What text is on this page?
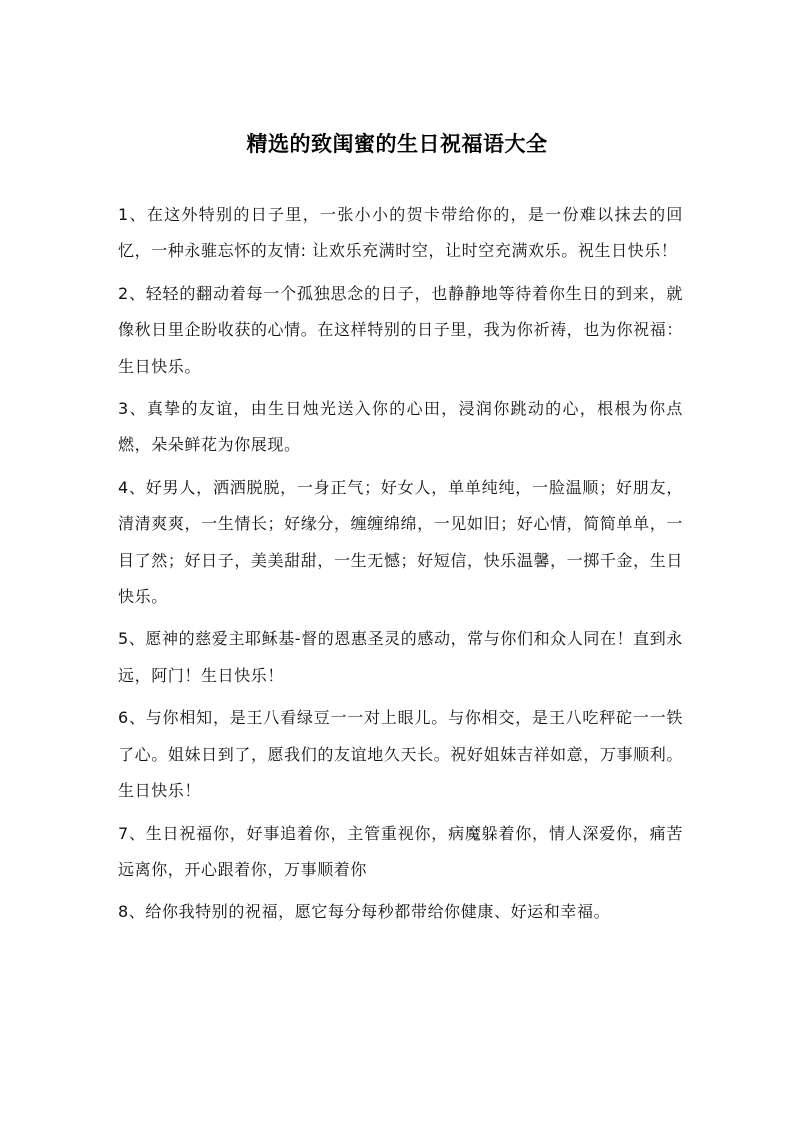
精选的致闺蜜的生日祝福语大全

1、在这外特别的日子里，一张小小的贺卡带给你的，是一份难以抹去的回忆，一种永骓忘怀的友情: 让欢乐充满时空，让时空充满欢乐。祝生日快乐！

2、轻轻的翻动着每一个孤独思念的日子，也静静地等待着你生日的到来，就像秋日里企盼收获的心情。在这样特别的日子里，我为你祈祷，也为你祝福：生日快乐。

3、真挚的友谊，由生日烛光送入你的心田，浸润你跳动的心，根根为你点燃，朵朵鲜花为你展现。

4、好男人，洒洒脱脱，一身正气；好女人，单单纯纯，一脸温顺；好朋友，清清爽爽，一生情长；好缘分，缠缠绵绵，一见如旧；好心情，简简单单，一目了然；好日子，美美甜甜，一生无憾；好短信，快乐温馨，一掷千金，生日快乐。

5、愿神的慈爱主耶稣基-督的恩惠圣灵的感动，常与你们和众人同在！直到永远，阿门！生日快乐！

6、与你相知，是王八看绿豆一一对上眼儿。与你相交，是王八吃秤砣一一铁了心。姐妹日到了，愿我们的友谊地久天长。祝好姐妹吉祥如意，万事顺利。生日快乐！

7、生日祝福你，好事追着你，主管重视你，病魔躲着你，情人深爱你，痛苦远离你，开心跟着你，万事顺着你

8、给你我特别的祝福，愿它每分每秒都带给你健康、好运和幸福。
